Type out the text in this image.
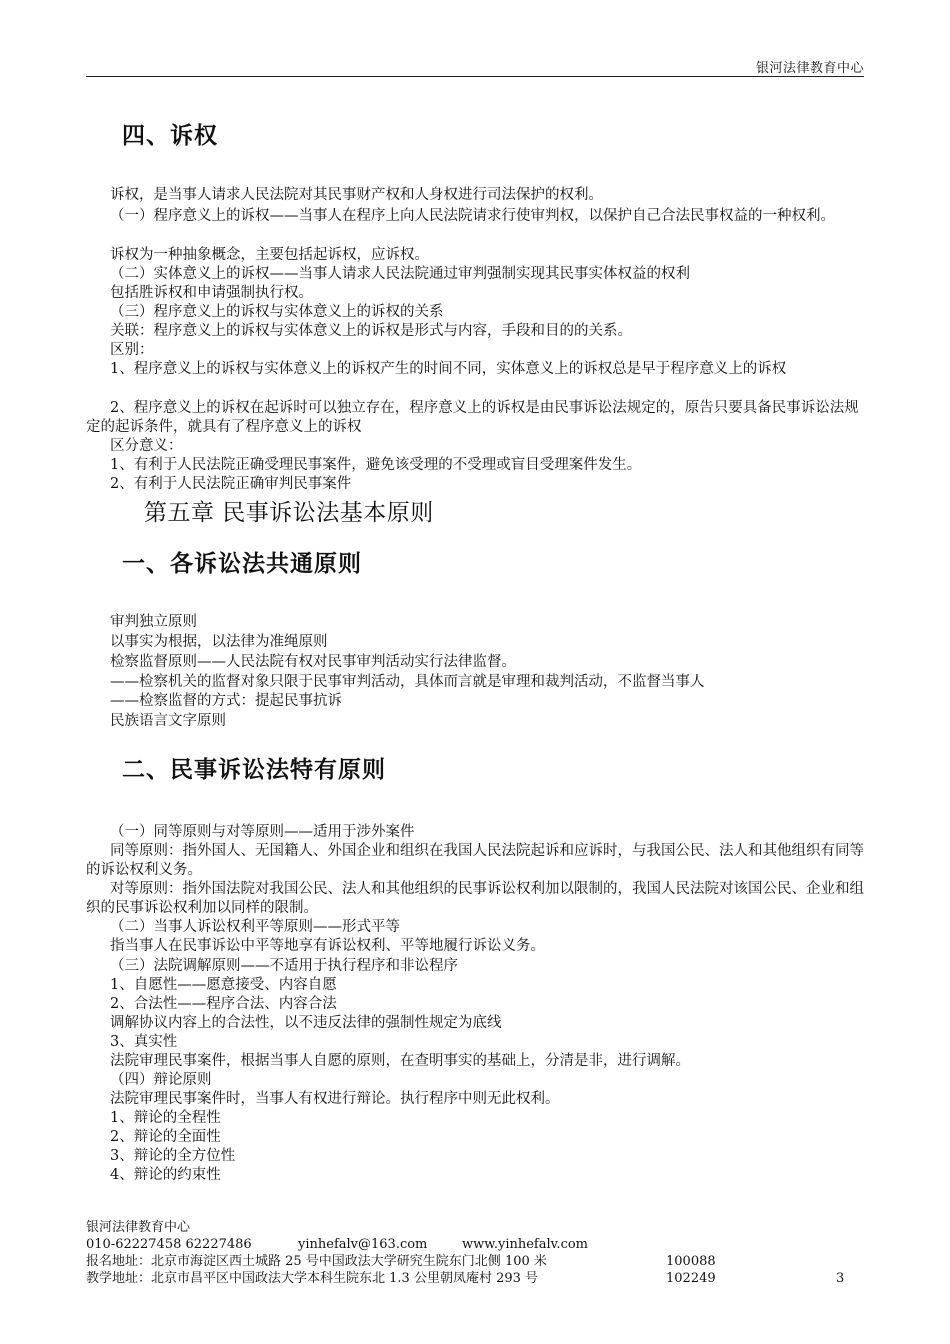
银河法律教育中心
四、诉权
诉权，是当事人请求人民法院对其民事财产权和人身权进行司法保护的权利。
（一）程序意义上的诉权——当事人在程序上向人民法院请求行使审判权，以保护自己合法民事权益的一种权利。
诉权为一种抽象概念，主要包括起诉权，应诉权。
（二）实体意义上的诉权——当事人请求人民法院通过审判强制实现其民事实体权益的权利
包括胜诉权和申请强制执行权。
（三）程序意义上的诉权与实体意义上的诉权的关系
关联：程序意义上的诉权与实体意义上的诉权是形式与内容，手段和目的的关系。
区别：
1、程序意义上的诉权与实体意义上的诉权产生的时间不同，实体意义上的诉权总是早于程序意义上的诉权
2、程序意义上的诉权在起诉时可以独立存在，程序意义上的诉权是由民事诉讼法规定的，原告只要具备民事诉讼法规定的起诉条件，就具有了程序意义上的诉权
区分意义：
1、有利于人民法院正确受理民事案件，避免该受理的不受理或盲目受理案件发生。
2、有利于人民法院正确审判民事案件
第五章 民事诉讼法基本原则
一、各诉讼法共通原则
审判独立原则
以事实为根据，以法律为准绳原则
检察监督原则——人民法院有权对民事审判活动实行法律监督。
——检察机关的监督对象只限于民事审判活动，具体而言就是审理和裁判活动，不监督当事人
——检察监督的方式：提起民事抗诉
民族语言文字原则
二、民事诉讼法特有原则
（一）同等原则与对等原则——适用于涉外案件
同等原则：指外国人、无国籍人、外国企业和组织在我国人民法院起诉和应诉时，与我国公民、法人和其他组织有同等的诉讼权利义务。
对等原则：指外国法院对我国公民、法人和其他组织的民事诉讼权利加以限制的，我国人民法院对该国公民、企业和组织的民事诉讼权利加以同样的限制。
（二）当事人诉讼权利平等原则——形式平等
指当事人在民事诉讼中平等地享有诉讼权利、平等地履行诉讼义务。
（三）法院调解原则——不适用于执行程序和非讼程序
1、自愿性——愿意接受、内容自愿
2、合法性——程序合法、内容合法
调解协议内容上的合法性，以不违反法律的强制性规定为底线
3、真实性
法院审理民事案件，根据当事人自愿的原则，在查明事实的基础上，分清是非，进行调解。
（四）辩论原则
法院审理民事案件时，当事人有权进行辩论。执行程序中则无此权利。
1、辩论的全程性
2、辩论的全面性
3、辩论的全方位性
4、辩论的约束性
银河法律教育中心
010-62227458 62227486	yinhefalv@163.com	www.yinhefalv.com
报名地址：北京市海淀区西土城路 25 号中国政法大学研究生院东门北侧 100 米	100088
教学地址：北京市昌平区中国政法大学本科生院东北 1.3 公里朝凤庵村 293 号	102249	3
